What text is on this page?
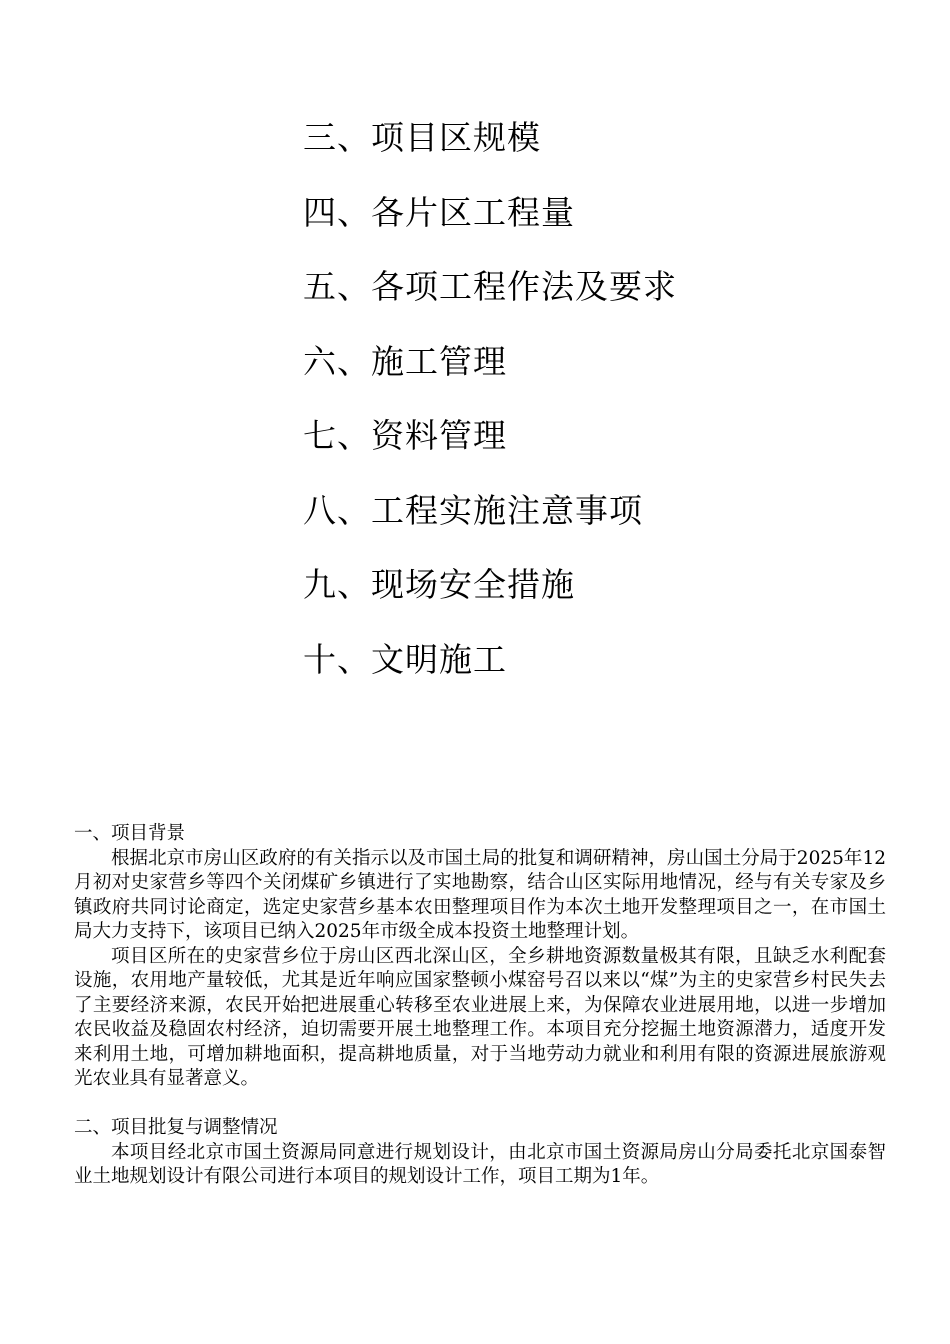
三、项目区规模
四、各片区工程量
五、各项工程作法及要求
六、施工管理
七、资料管理
八、工程实施注意事项
九、现场安全措施
十、文明施工

一、项目背景

根据北京市房山区政府的有关指示以及市国土局的批复和调研精神，房山国土分局于2025年12月初对史家营乡等四个关闭煤矿乡镇进行了实地勘察，结合山区实际用地情况，经与有关专家及乡镇政府共同讨论商定，选定史家营乡基本农田整理项目作为本次土地开发整理项目之一，在市国土局大力支持下，该项目已纳入2025年市级全成本投资土地整理计划。

项目区所在的史家营乡位于房山区西北深山区，全乡耕地资源数量极其有限，且缺乏水利配套设施，农用地产量较低，尤其是近年响应国家整顿小煤窑号召以来以“煤”为主的史家营乡村民失去了主要经济来源，农民开始把进展重心转移至农业进展上来，为保障农业进展用地，以进一步增加农民收益及稳固农村经济，迫切需要开展土地整理工作。本项目充分挖掘土地资源潜力，适度开发来利用土地，可增加耕地面积，提高耕地质量，对于当地劳动力就业和利用有限的资源进展旅游观光农业具有显著意义。

二、项目批复与调整情况

本项目经北京市国土资源局同意进行规划设计，由北京市国土资源局房山分局委托北京国泰智业土地规划设计有限公司进行本项目的规划设计工作，项目工期为1年。
